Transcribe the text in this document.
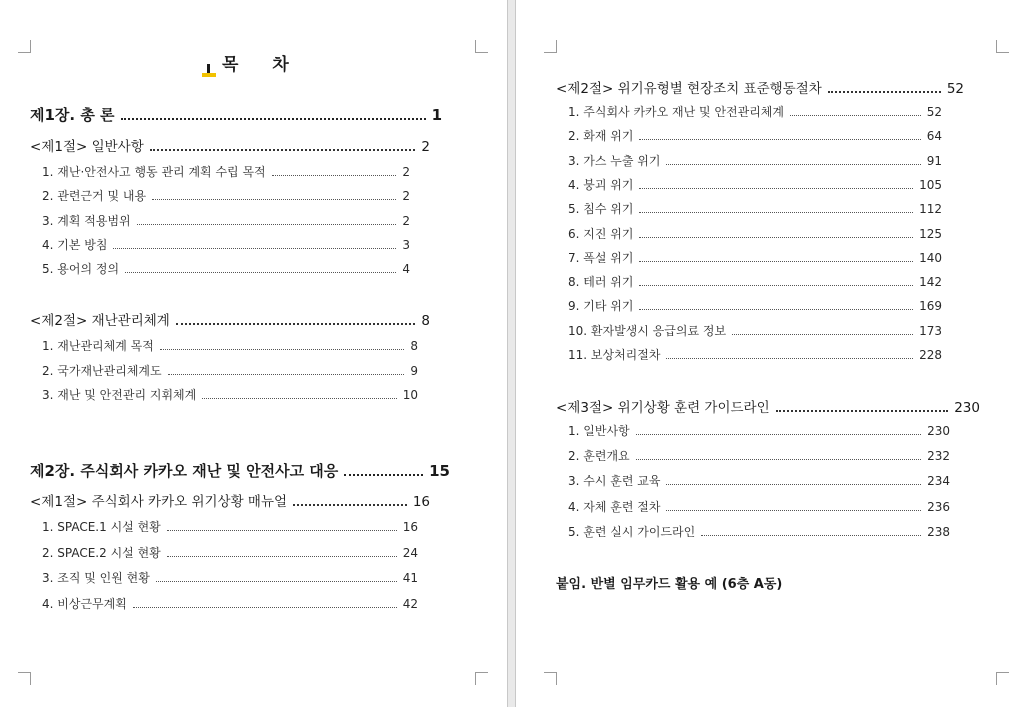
목 차
제1장. 총 론	1
<제1절> 일반사항	2
1. 재난·안전사고 행동 관리 계획 수립 목적	2
2. 관련근거 및 내용	2
3. 계획 적용범위	2
4. 기본 방침	3
5. 용어의 정의	4
<제2절> 재난관리체계	8
1. 재난관리체계 목적	8
2. 국가재난관리체계도	9
3. 재난 및 안전관리 지휘체계	10
제2장. 주식회사 카카오 재난 및 안전사고 대응	15
<제1절> 주식회사 카카오 위기상황 매뉴얼	16
1. SPACE.1 시설 현황	16
2. SPACE.2 시설 현황	24
3. 조직 및 인원 현황	41
4. 비상근무계획	42
<제2절> 위기유형별 현장조치 표준행동절차	52
1. 주식회사 카카오 재난 및 안전관리체계	52
2. 화재 위기	64
3. 가스 누출 위기	91
4. 붕괴 위기	105
5. 침수 위기	112
6. 지진 위기	125
7. 폭설 위기	140
8. 테러 위기	142
9. 기타 위기	169
10. 환자발생시 응급의료 정보	173
11. 보상처리절차	228
<제3절> 위기상황 훈련 가이드라인	230
1. 일반사항	230
2. 훈련개요	232
3. 수시 훈련 교육	234
4. 자체 훈련 절차	236
5. 훈련 실시 가이드라인	238
붙임. 반별 임무카드 활용 예 (6층 A동)
